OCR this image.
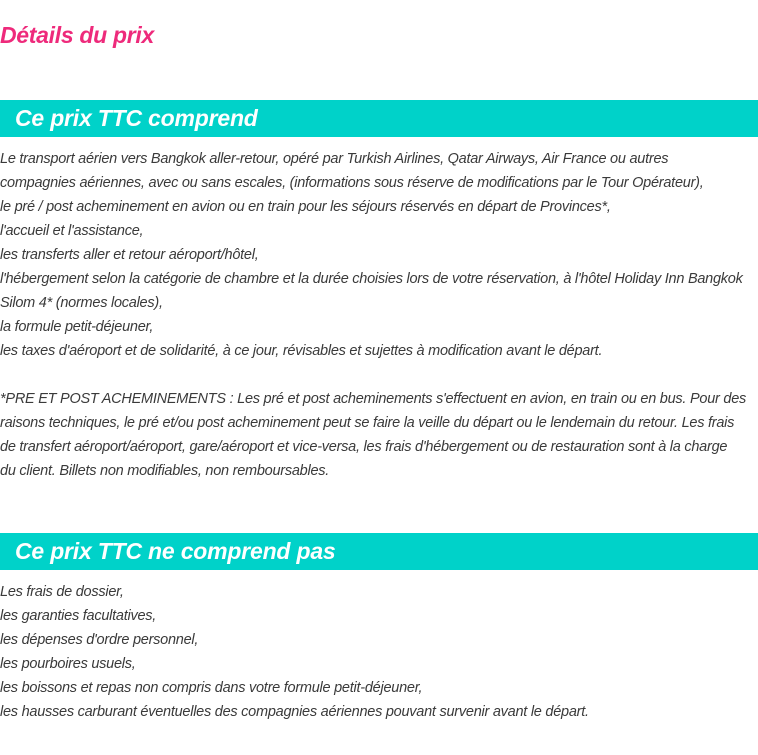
Détails du prix
Ce prix TTC comprend
Le transport aérien vers Bangkok aller-retour, opéré par Turkish Airlines, Qatar Airways, Air France ou autres
compagnies aériennes, avec ou sans escales, (informations sous réserve de modifications par le Tour Opérateur),
le pré / post acheminement en avion ou en train pour les séjours réservés en départ de Provinces*,
l'accueil et l'assistance,
les transferts aller et retour aéroport/hôtel,
l'hébergement selon la catégorie de chambre et la durée choisies lors de votre réservation, à l'hôtel Holiday Inn Bangkok
Silom 4* (normes locales),
la formule petit-déjeuner,
les taxes d'aéroport et de solidarité, à ce jour, révisables et sujettes à modification avant le départ.
*PRE ET POST ACHEMINEMENTS : Les pré et post acheminements s'effectuent en avion, en train ou en bus. Pour des
raisons techniques, le pré et/ou post acheminement peut se faire la veille du départ ou le lendemain du retour. Les frais
de transfert aéroport/aéroport, gare/aéroport et vice-versa, les frais d'hébergement ou de restauration sont à la charge
du client. Billets non modifiables, non remboursables.
Ce prix TTC ne comprend pas
Les frais de dossier,
les garanties facultatives,
les dépenses d'ordre personnel,
les pourboires usuels,
les boissons et repas non compris dans votre formule petit-déjeuner,
les hausses carburant éventuelles des compagnies aériennes pouvant survenir avant le départ.
